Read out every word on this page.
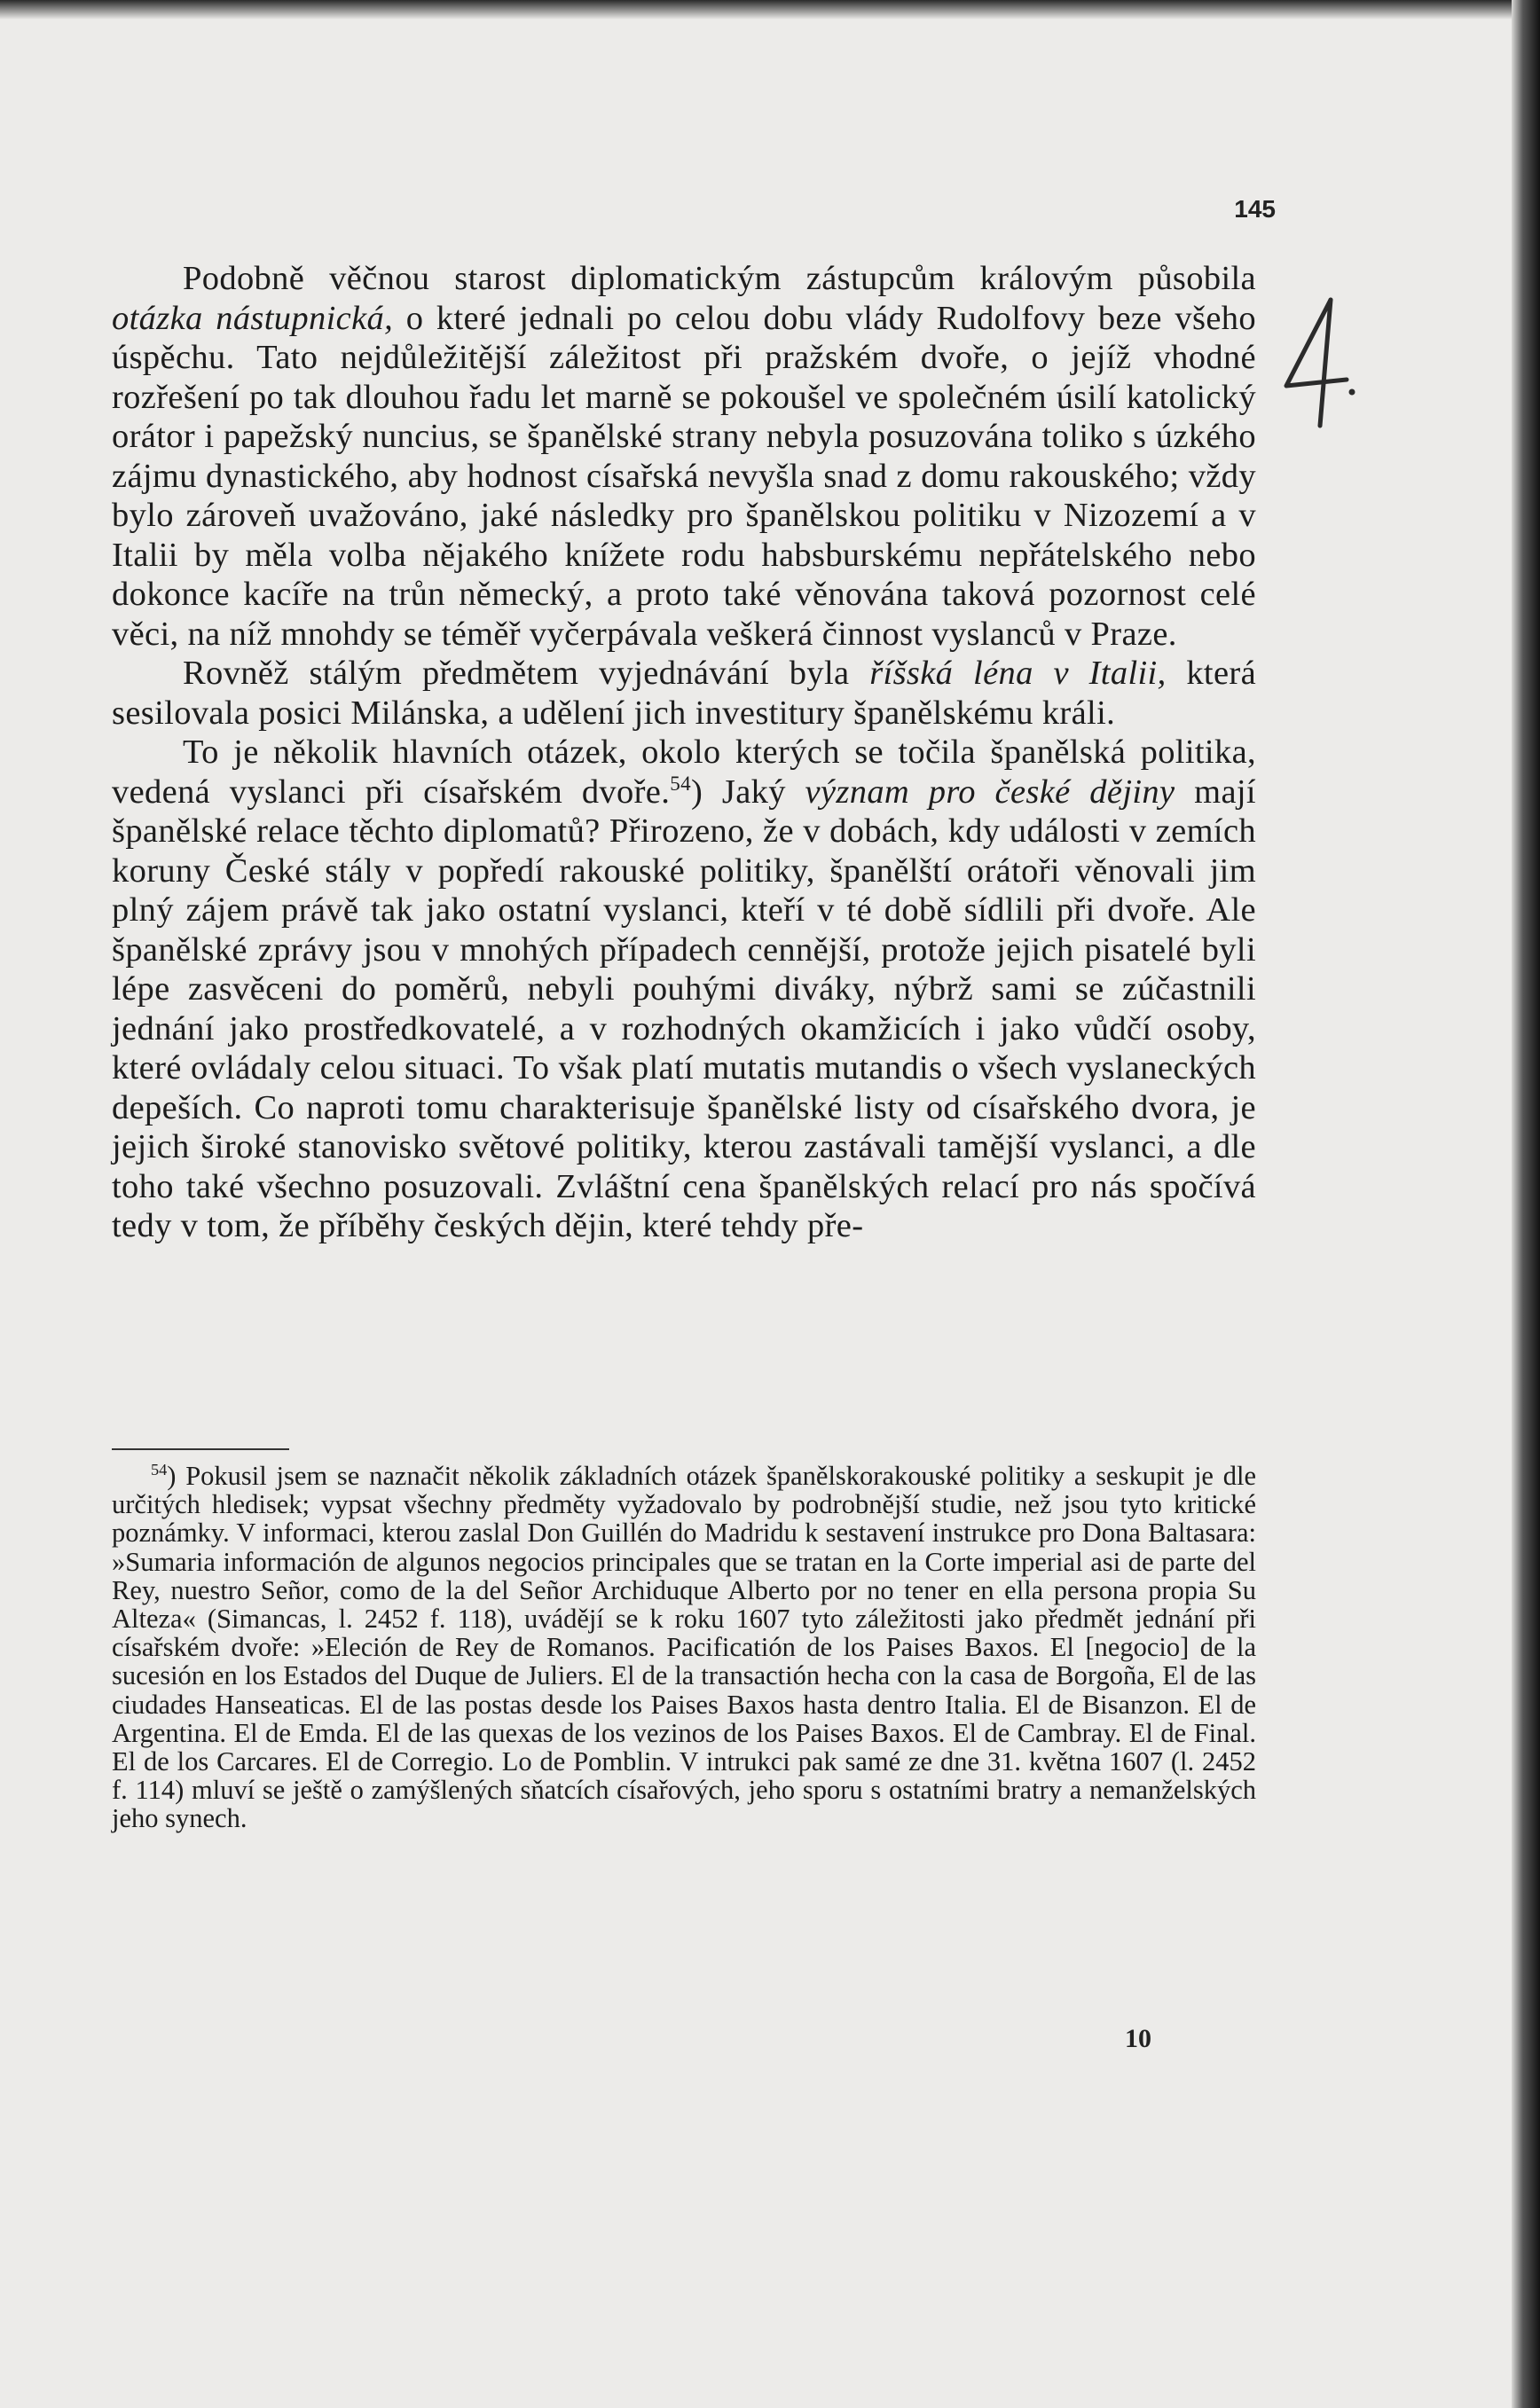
145

Podobně věčnou starost diplomatickým zástupcům královým působila otázka nástupnická, o které jednali po celou dobu vlády Rudolfovy beze všeho úspěchu. Tato nejdůležitější záležitost při pražském dvoře, o jejíž vhodné rozřešení po tak dlouhou řadu let marně se pokoušel ve společném úsilí katolický orátor i papežský nuncius, se španělské strany nebyla posuzována toliko s úzkého zájmu dynastického, aby hodnost císařská nevyšla snad z domu rakouského; vždy bylo zároveň uvažováno, jaké následky pro španělskou politiku v Nizozemí a v Italii by měla volba nějakého knížete rodu habsburskému nepřátelského nebo dokonce kacíře na trůn německý, a proto také věnována taková pozornost celé věci, na níž mnohdy se téměř vyčerpávala veškerá činnost vyslanců v Praze.

Rovněž stálým předmětem vyjednávání byla říšská léna v Italii, která sesilovala posici Milánska, a udělení jich investitury španělskému králi.

To je několik hlavních otázek, okolo kterých se točila španělská politika, vedená vyslanci při císařském dvoře.$^{54}$) Jaký význam pro české dějiny mají španělské relace těchto diplomatů? Přirozeno, že v dobách, kdy události v zemích koruny České stály v popředí rakouské politiky, španělští orátoři věnovali jim plný zájem právě tak jako ostatní vyslanci, kteří v té době sídlili při dvoře. Ale španělské zprávy jsou v mnohých případech cennější, protože jejich pisatelé byli lépe zasvěceni do poměrů, nebyli pouhými diváky, nýbrž sami se zúčastnili jednání jako prostředkovatelé, a v rozhodných okamžicích i jako vůdčí osoby, které ovládaly celou situaci. To však platí mutatis mutandis o všech vyslaneckých depeších. Co naproti tomu charakterisuje španělské listy od císařského dvora, je jejich široké stanovisko světové politiky, kterou zastávali tamější vyslanci, a dle toho také všechno posuzovali. Zvláštní cena španělských relací pro nás spočívá tedy v tom, že příběhy českých dějin, které tehdy pře-

$^{54}$) Pokusil jsem se naznačit několik základních otázek španělskorakouské politiky a seskupit je dle určitých hledisek; vypsat všechny předměty vyžadovalo by podrobnější studie, než jsou tyto kritické poznámky. V informaci, kterou zaslal Don Guillén do Madridu k sestavení instrukce pro Dona Baltasara: »Sumaria información de algunos negocios principales que se tratan en la Corte imperial asi de parte del Rey, nuestro Señor, como de la del Señor Archiduque Alberto por no tener en ella persona propia Su Alteza« (Simancas, l. 2452 f. 118), uvádějí se k roku 1607 tyto záležitosti jako předmět jednání při císařském dvoře: »Eleción de Rey de Romanos. Pacificatión de los Paises Baxos. El [negocio] de la sucesión en los Estados del Duque de Juliers. El de la transactión hecha con la casa de Borgoña, El de las ciudades Hanseaticas. El de las postas desde los Paises Baxos hasta dentro Italia. El de Bisanzon. El de Argentina. El de Emda. El de las quexas de los vezinos de los Paises Baxos. El de Cambray. El de Final. El de los Carcares. El de Corregio. Lo de Pomblin. V intrukci pak samé ze dne 31. května 1607 (l. 2452 f. 114) mluví se ještě o zamýšlených sňatcích císařových, jeho sporu s ostatními bratry a nemanželských jeho synech.

10
